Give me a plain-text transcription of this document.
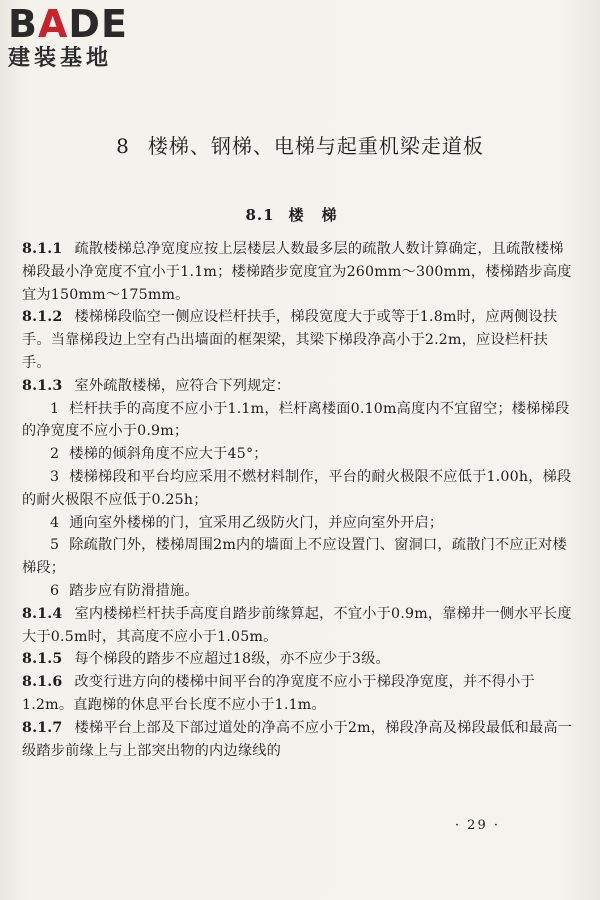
BADE
建装基地
8 楼梯、钢梯、电梯与起重机梁走道板
8.1 楼梯

8.1.1 疏散楼梯总净宽度应按上层楼层人数最多层的疏散人数计算确定，且疏散楼梯梯段最小净宽度不宜小于1.1m；楼梯踏步宽度宜为260mm～300mm，楼梯踏步高度宜为150mm～175mm。

8.1.2 楼梯梯段临空一侧应设栏杆扶手，梯段宽度大于或等于1.8m时，应两侧设扶手。当靠梯段边上空有凸出墙面的框架梁，其梁下梯段净高小于2.2m，应设栏杆扶手。

8.1.3 室外疏散楼梯，应符合下列规定：

1 栏杆扶手的高度不应小于1.1m，栏杆离楼面0.10m高度内不宜留空；楼梯梯段的净宽度不应小于0.9m；

2 楼梯的倾斜角度不应大于45°；

3 楼梯梯段和平台均应采用不燃材料制作，平台的耐火极限不应低于1.00h，梯段的耐火极限不应低于0.25h；

4 通向室外楼梯的门，宜采用乙级防火门，并应向室外开启；

5 除疏散门外，楼梯周围2m内的墙面上不应设置门、窗洞口，疏散门不应正对楼梯段；

6 踏步应有防滑措施。

8.1.4 室内楼梯栏杆扶手高度自踏步前缘算起，不宜小于0.9m，靠梯井一侧水平长度大于0.5m时，其高度不应小于1.05m。

8.1.5 每个梯段的踏步不应超过18级，亦不应少于3级。

8.1.6 改变行进方向的楼梯中间平台的净宽度不应小于梯段净宽度，并不得小于1.2m。直跑梯的休息平台长度不应小于1.1m。

8.1.7 楼梯平台上部及下部过道处的净高不应小于2m，梯段净高及梯段最低和最高一级踏步前缘上与上部突出物的内边缘线的

· 29 ·
